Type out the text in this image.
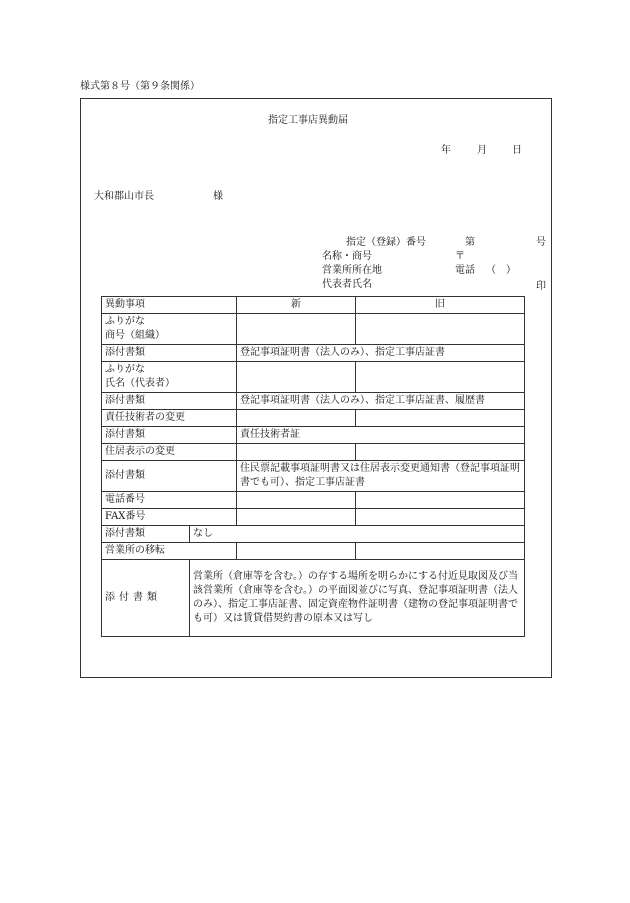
様式第８号（第９条関係）
指定工事店異動届
年	月	日
大和郡山市長	様
指定（登録）番号	第	号
名称・商号	〒
営業所所在地	電話 （　）
代表者氏名	印
異動事項		新	旧

ふりがな
商号（組織）			

添付書類		登記事項証明書（法人のみ）、指定工事店証書	

ふりがな
氏名（代表者）			

添付書類		登記事項証明書（法人のみ）、指定工事店証書、履歴書	
責任技術者の変更			
添付書類		責任技術者証	
住居表示の変更			
添付書類		住民票記載事項証明書又は住居表示変更通知書（登記事項証明書でも可）、指定工事店証書	
電話番号			
FAX番号			
添付書類	なし		
営業所の移転			
添付書類	営業所（倉庫等を含む。）の存する場所を明らかにする付近見取図及び当該営業所（倉庫等を含む。）の平面図並びに写真、登記事項証明書（法人のみ）、指定工事店証書、固定資産物件証明書（建物の登記事項証明書でも可）又は賃貸借契約書の原本又は写し		
